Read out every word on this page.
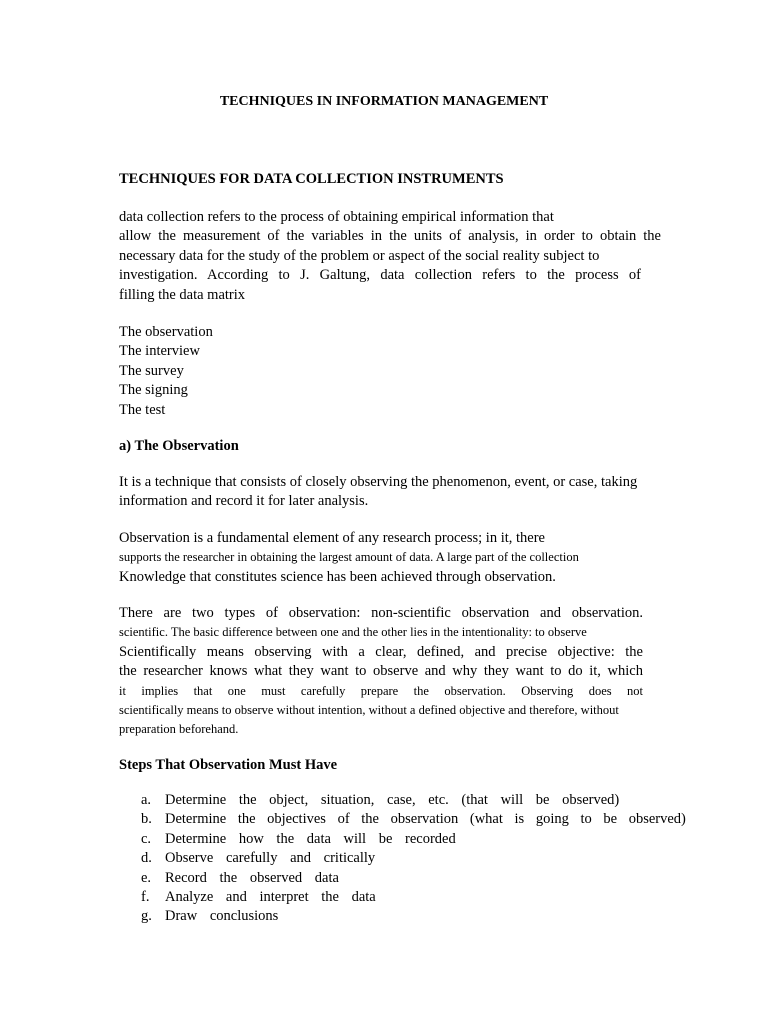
TECHNIQUES IN INFORMATION MANAGEMENT
TECHNIQUES FOR DATA COLLECTION INSTRUMENTS
data collection refers to the process of obtaining empirical information that
allow the measurement of the variables in the units of analysis, in order to obtain the
necessary data for the study of the problem or aspect of the social reality subject to
investigation. According to J. Galtung, data collection refers to the process of
filling the data matrix
The observation
The interview
The survey
The signing
The test
a) The Observation
It is a technique that consists of closely observing the phenomenon, event, or case, taking
information and record it for later analysis.
Observation is a fundamental element of any research process; in it, there
supports the researcher in obtaining the largest amount of data. A large part of the collection
Knowledge that constitutes science has been achieved through observation.
There are two types of observation: non-scientific observation and observation.
scientific. The basic difference between one and the other lies in the intentionality: to observe
Scientifically means observing with a clear, defined, and precise objective: the
the researcher knows what they want to observe and why they want to do it, which
it implies that one must carefully prepare the observation. Observing does not
scientifically means to observe without intention, without a defined objective and therefore, without
preparation beforehand.
Steps That Observation Must Have
a. Determine the object, situation, case, etc. (that will be observed)
b. Determine the objectives of the observation (what is going to be observed)
c. Determine how the data will be recorded
d. Observe carefully and critically
e. Record the observed data
f.	Analyze and interpret the data
g. Draw conclusions
